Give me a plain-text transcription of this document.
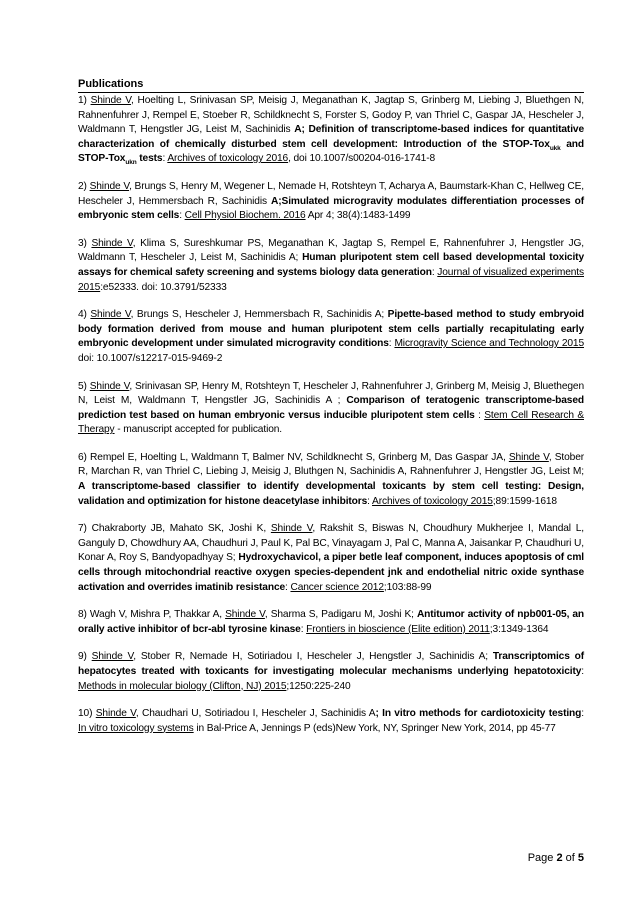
Publications

1) Shinde V, Hoelting L, Srinivasan SP, Meisig J, Meganathan K, Jagtap S, Grinberg M, Liebing J, Bluethgen N, Rahnenfuhrer J, Rempel E, Stoeber R, Schildknecht S, Forster S, Godoy P, van Thriel C, Gaspar JA, Hescheler J, Waldmann T, Hengstler JG, Leist M, Sachinidis A; Definition of transcriptome-based indices for quantitative characterization of chemically disturbed stem cell development: Introduction of the STOP-Tox$_{ukk}$ and STOP-Tox$_{ukn}$ tests: Archives of toxicology 2016, doi 10.1007/s00204-016-1741-8

2) Shinde V, Brungs S, Henry M, Wegener L, Nemade H, Rotshteyn T, Acharya A, Baumstark-Khan C, Hellweg CE, Hescheler J, Hemmersbach R, Sachinidis A;Simulated microgravity modulates differentiation processes of embryonic stem cells: Cell Physiol Biochem. 2016 Apr 4; 38(4):1483-1499

3) Shinde V, Klima S, Sureshkumar PS, Meganathan K, Jagtap S, Rempel E, Rahnenfuhrer J, Hengstler JG, Waldmann T, Hescheler J, Leist M, Sachinidis A; Human pluripotent stem cell based developmental toxicity assays for chemical safety screening and systems biology data generation: Journal of visualized experiments 2015:e52333. doi: 10.3791/52333

4) Shinde V, Brungs S, Hescheler J, Hemmersbach R, Sachinidis A; Pipette-based method to study embryoid body formation derived from mouse and human pluripotent stem cells partially recapitulating early embryonic development under simulated microgravity conditions: Microgravity Science and Technology 2015 doi: 10.1007/s12217-015-9469-2

5) Shinde V, Srinivasan SP, Henry M, Rotshteyn T, Hescheler J, Rahnenfuhrer J, Grinberg M, Meisig J, Bluethegen N, Leist M, Waldmann T, Hengstler JG, Sachinidis A ; Comparison of teratogenic transcriptome-based prediction test based on human embryonic versus inducible pluripotent stem cells : Stem Cell Research & Therapy - manuscript accepted for publication.

6) Rempel E, Hoelting L, Waldmann T, Balmer NV, Schildknecht S, Grinberg M, Das Gaspar JA, Shinde V, Stober R, Marchan R, van Thriel C, Liebing J, Meisig J, Bluthgen N, Sachinidis A, Rahnenfuhrer J, Hengstler JG, Leist M; A transcriptome-based classifier to identify developmental toxicants by stem cell testing: Design, validation and optimization for histone deacetylase inhibitors: Archives of toxicology 2015;89:1599-1618

7) Chakraborty JB, Mahato SK, Joshi K, Shinde V, Rakshit S, Biswas N, Choudhury Mukherjee I, Mandal L, Ganguly D, Chowdhury AA, Chaudhuri J, Paul K, Pal BC, Vinayagam J, Pal C, Manna A, Jaisankar P, Chaudhuri U, Konar A, Roy S, Bandyopadhyay S; Hydroxychavicol, a piper betle leaf component, induces apoptosis of cml cells through mitochondrial reactive oxygen species-dependent jnk and endothelial nitric oxide synthase activation and overrides imatinib resistance: Cancer science 2012;103:88-99

8) Wagh V, Mishra P, Thakkar A, Shinde V, Sharma S, Padigaru M, Joshi K; Antitumor activity of npb001-05, an orally active inhibitor of bcr-abl tyrosine kinase: Frontiers in bioscience (Elite edition) 2011;3:1349-1364

9) Shinde V, Stober R, Nemade H, Sotiriadou I, Hescheler J, Hengstler J, Sachinidis A; Transcriptomics of hepatocytes treated with toxicants for investigating molecular mechanisms underlying hepatotoxicity: Methods in molecular biology (Clifton, NJ) 2015;1250:225-240

10) Shinde V, Chaudhari U, Sotiriadou I, Hescheler J, Sachinidis A; In vitro methods for cardiotoxicity testing: In vitro toxicology systems in Bal-Price A, Jennings P (eds)New York, NY, Springer New York, 2014, pp 45-77

Page 2 of 5
